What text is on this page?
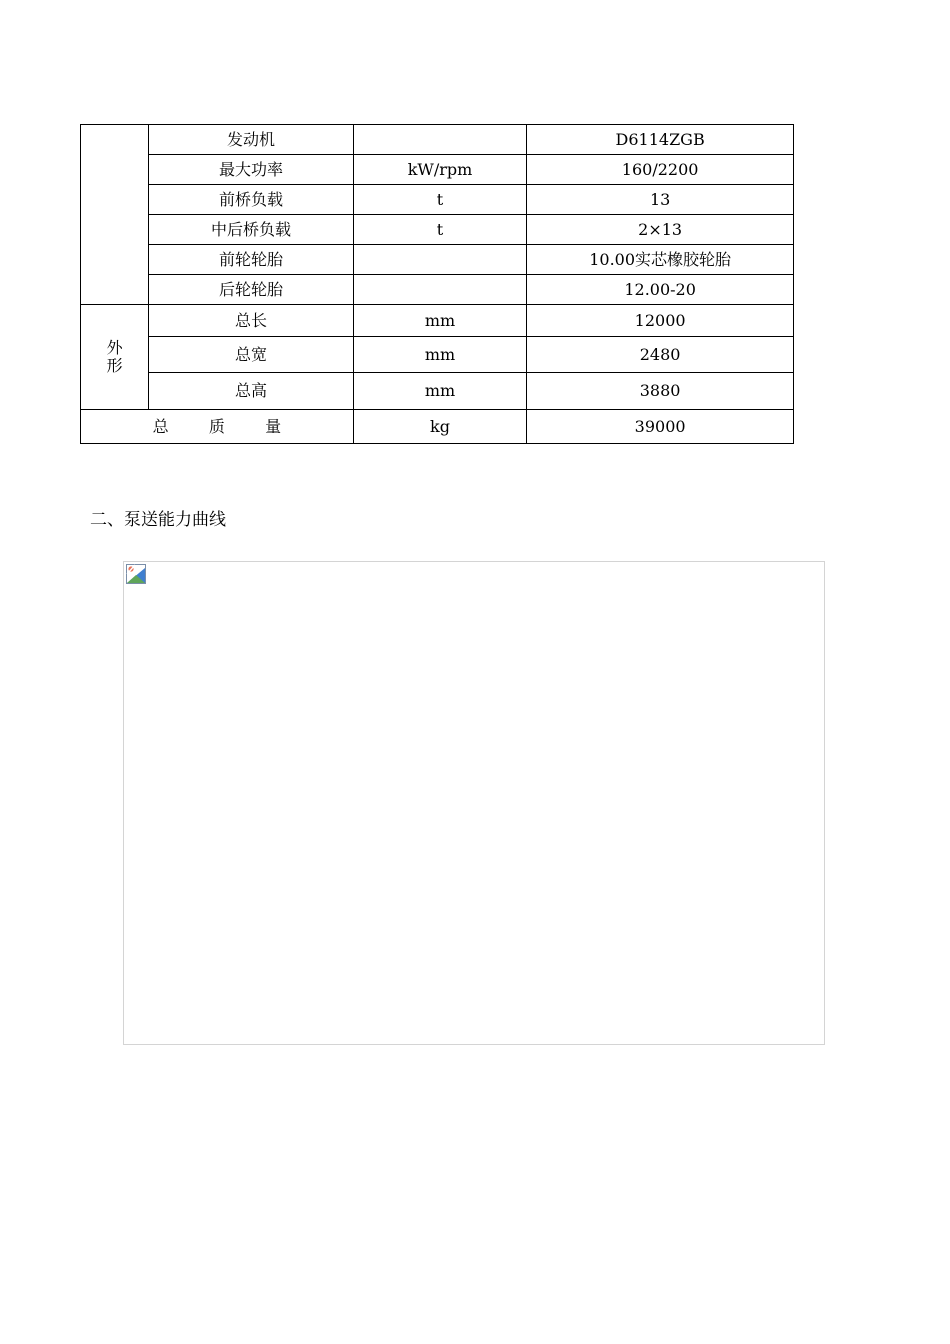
	发动机		D6114ZGB
	最大功率	kW/rpm	160/2200
	前桥负载	t	13
	中后桥负载	t	2×13
	前轮轮胎		10.00实芯橡胶轮胎
	后轮轮胎		12.00-20
外形	总长	mm	12000
	总宽	mm	2480
	总高	mm	3880
总 质 量		kg	39000
二、泵送能力曲线
